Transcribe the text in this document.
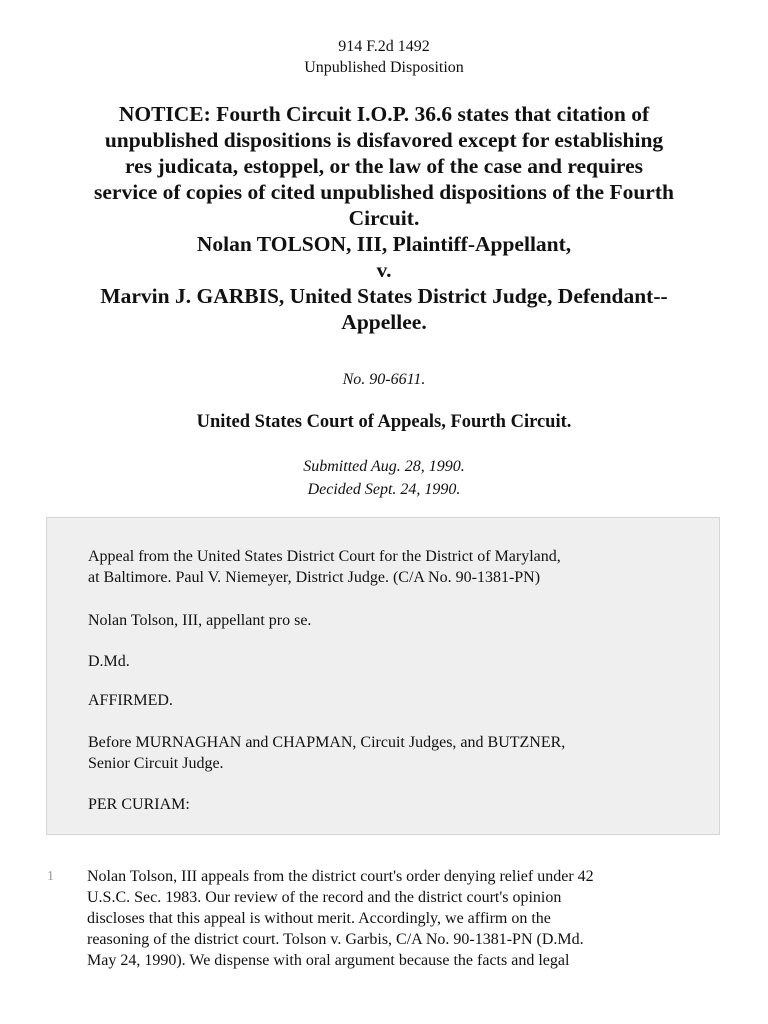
914 F.2d 1492
Unpublished Disposition
NOTICE: Fourth Circuit I.O.P. 36.6 states that citation of
unpublished dispositions is disfavored except for establishing
res judicata, estoppel, or the law of the case and requires
service of copies of cited unpublished dispositions of the Fourth
Circuit.
Nolan TOLSON, III, Plaintiff-Appellant,
v.
Marvin J. GARBIS, United States District Judge, Defendant--
Appellee.
No. 90-6611.
United States Court of Appeals, Fourth Circuit.
Submitted Aug. 28, 1990.
Decided Sept. 24, 1990.

Appeal from the United States District Court for the District of Maryland,
at Baltimore. Paul V. Niemeyer, District Judge. (C/A No. 90-1381-PN)

Nolan Tolson, III, appellant pro se.

D.Md.

AFFIRMED.

Before MURNAGHAN and CHAPMAN, Circuit Judges, and BUTZNER,
Senior Circuit Judge.

PER CURIAM:

1 Nolan Tolson, III appeals from the district court's order denying relief under 42
U.S.C. Sec. 1983. Our review of the record and the district court's opinion
discloses that this appeal is without merit. Accordingly, we affirm on the
reasoning of the district court. Tolson v. Garbis, C/A No. 90-1381-PN (D.Md.
May 24, 1990). We dispense with oral argument because the facts and legal
